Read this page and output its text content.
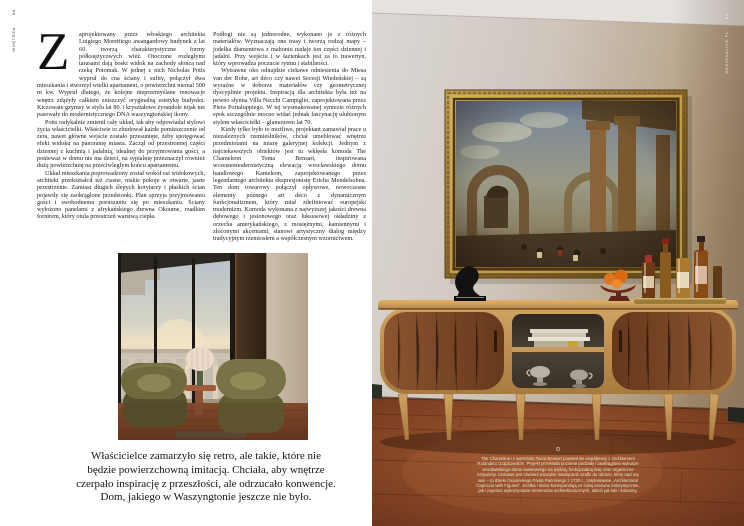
88
WNĘTRZA Z	aprojektowany przez włoskiego architekta Luigiego Morettiego awangardowy budynek z lat 60. tworzą charakterystyczne formy półksiężycowych wież. Otoczone rozległymi tarasami dają boski widok na zachody słońca nad rzeką Potomak. W jednej z nich Nicholas Potts wypruł do cna ściany i sufity, połączył dwa mieszkania i stworzył wielki apartament, o powierzchni niemal 500 m kw. Wypruł dlatego, że kolejne nieprzemyślane renowacje wnętrz zdążyły całkiem zniszczyć oryginalną estetykę budynku. Kiczowate gzymsy w stylu lat 80. i kryształowe żyrandole nijak nie pasowały do modernistycznego DNA waszyngtońskiej ikony.

Potts radykalnie zmienił cały układ, tak aby odpowiadał stylowi życia właścicielki. Właściwie to zbudował każde pomieszczenie od zera, nawet główne wejście zostało przesunięte, żeby spotęgować efekt widoku na panoramę miasta. Zaczął od przestronnej części dziennej z kuchnią i jadalnią, idealnej do przyjmowania gości, a ponieważ w domu nie ma dzieci, na sypialnię przeznaczył również dużą powierzchnię na przeciwległym końcu apartamentu.

Układ mieszkania poprowadzony został wokół osi widokowych, architekt przekształcił też ciasne, niskie pokoje w otwarte, jasne przestrzenie. Zamiast długich ślepych korytarzy i płaskich ścian pojawiły się zaokrąglone przedsionki. Plan sprzyja przyjmowaniu gości i swobodnemu poruszaniu się po mieszkaniu. Ściany wyłożono panelami z afrykańskiego drewna Okoume, rzadkim fornirem, który otula przestrzeń warstwą ciepła.

Podłogi nie są jednorodne, wykonano je z różnych materiałów. Wyznaczają one trasy i tworzą rodzaj mapy – jodełka diamentowa z mahoniu nadaje ton części dziennej i jadalni. Przy wejściu i w łazienkach jest za to trawertyn, który wprowadza poczucie rytmu i stabilności.

Wytrawne oko odnajdzie ciekawe odniesienia do Miesa van der Rohe, art déco czy nawet Secesji Wiedeńskiej – są wyraźne w doborze materiałów czy geometrycznej dyscyplinie projektu. Inspiracją dla architekta była też na pewno słynna Villa Necchi Campiglio, zaprojektowana przez Piera Portaluppiego. W tej wysmakowanej syntezie różnych epok szczególnie mocno widać jednak fascynację ulubionym stylem właścicielki – glamourem lat 70.

Kiedy tylko było to możliwe, projektant zamawiał prace u niezależnych rzemieślników, chciał umeblować wnętrze przedmiotami na miarę galeryjnej kolekcji. Jednym z najciekawszych obiektów jest tu wklęsła komoda The Chameleon Toma Bensari, inspirowana wczesnomodernistyczną elewacją wrocławskiego domu handlowego Kameleon, zaprojektowanego przez legendarnego architekta ekspresjonistę Ericha Mendelsohna. Ten dom towarowy połączył opływowe, nowoczesne elementy późnego art déco z dynamicznym funkcjonalizmem, który miał zdefiniować europejski modernizm. Komoda wykonana z najwyższej jakości drewna dębowego i jesionowego oraz luksusowej okładziny z orzecha amerykańskiego, z mosiężnymi, kamiennymi i złoconymi akcentami, stanowi artystyczny dialog między tradycyjnym rzemiosłem a współczesnym wzornictwem.

Właścicielce zamarzyło się retro, ale takie, które nie
będzie powierzchowną imitacją. Chciała, aby wnętrze
czerpało inspirację z przeszłości, ale odrzucało konwencje.
Dom, jakiego w Waszyngtonie jeszcze nie było.
⊙
The Chameleon z warsztatu Toma Bensari powstał we współpracy z rzeźbiarzem Rolandem Grąbkowskim. Projekt przekłada poziome podziały i zaokrąglone wykusze wrocławskiego domu towarowego na piękną, funkcjonalną linię oraz organiczne krzywizny. Ciekawe jest również wizualne nawiązanie szafki do obrazu, który nad nią wisi – to dzieło Giovanniego Paola Panniniego z 1730 r., zatytułowane „Architectural Capriccio with Figures”. Szafka i obraz korespondują ze sobą zarówno kolorystycznie, jak i poprzez wykorzystanie elementów architektonicznych, takich jak łuki i kolumny.
89
DESIGNALIVE.PL
